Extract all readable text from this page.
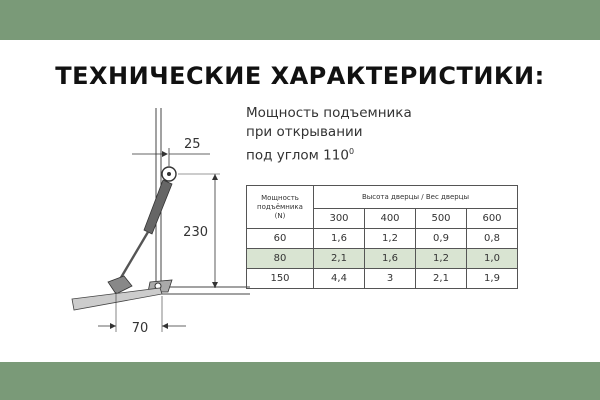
ТЕХНИЧЕСКИЕ ХАРАКТЕРИСТИКИ:
25
230
70
Мощность подъемника
при открывании
под углом $110^0$
Мощность подъёмника
(N)	Высота дверцы / Вес дверцы			
	300	400	500	600
60	1,6	1,2	0,9	0,8
80	2,1	1,6	1,2	1,0
150	4,4	3	2,1	1,9
